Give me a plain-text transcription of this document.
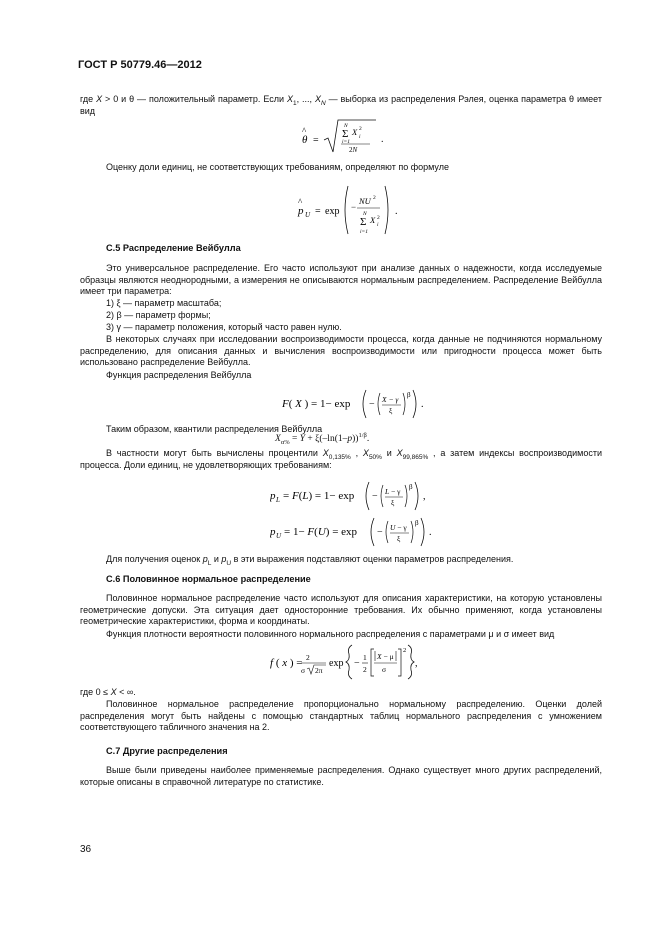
ГОСТ Р 50779.46—2012
где X > 0 и θ — положительный параметр. Если $X_1$, ..., $X_N$ — выборка из распределения Рэлея, оценка параметра θ имеет вид
θ
^
=
N
Σ X 2
i
i=1
2N
.
Оценку доли единиц, не соответствующих требованиям, определяют по формуле
p
^
U = exp −
NU 2
N
Σ X 2
i
i=1
.
С.5 Распределение Вейбулла
Это универсальное распределение. Его часто используют при анализе данных о надежности, когда исследуемые образцы являются неоднородными, а измерения не описываются нормальным распределением. Распределение Вейбулла имеет три параметра:
1) ξ — параметр масштаба;
2) β — параметр формы;
3) γ — параметр положения, который часто равен нулю.
В некоторых случаях при исследовании воспроизводимости процесса, когда данные не подчиняются нормальному распределению, для описания данных и вычисления воспроизводимости или пригодности процесса может быть использовано распределение Вейбулла.
Функция распределения Вейбулла
F( X ) = 1− exp − X − γ
ξ
β
.
Таким образом, квантили распределения Вейбулла
$X_{\alpha\%} = Y + \xi(-\ln(1-p))^{1/\beta}$.
В частности могут быть вычислены процентили $X_{0,135\%}$ , $X_{50\%}$ и $X_{99,865\%}$ , а затем индексы воспроизводимости процесса. Доли единиц, не удовлетворяющих требованиям:
p L = F(L) = 1− exp − L − γ
ξ
β
,
p U = 1− F(U) = exp − U − γ
ξ
β
.
Для получения оценок $p_L$ и $p_U$ в эти выражения подставляют оценки параметров распределения.
С.6 Половинное нормальное распределение
Половинное нормальное распределение часто используют для описания характеристики, на которую установлены геометрические допуски. Эта ситуация дает односторонние требования. Их обычно применяют, когда установлены геометрические характеристики, форма и координаты.
Функция плотности вероятности половинного нормального распределения с параметрами μ и σ имеет вид
f ( x ) = 2
σ 2π
exp −
1
2
X − μ
σ
2
,
где 0 ≤ X < ∞.
Половинное нормальное распределение пропорционально нормальному распределению. Оценки долей распределения могут быть найдены с помощью стандартных таблиц нормального распределения с умножением соответствующего табличного значения на 2.
С.7 Другие распределения
Выше были приведены наиболее применяемые распределения. Однако существует много других распределений, которые описаны в справочной литературе по статистике.
36
